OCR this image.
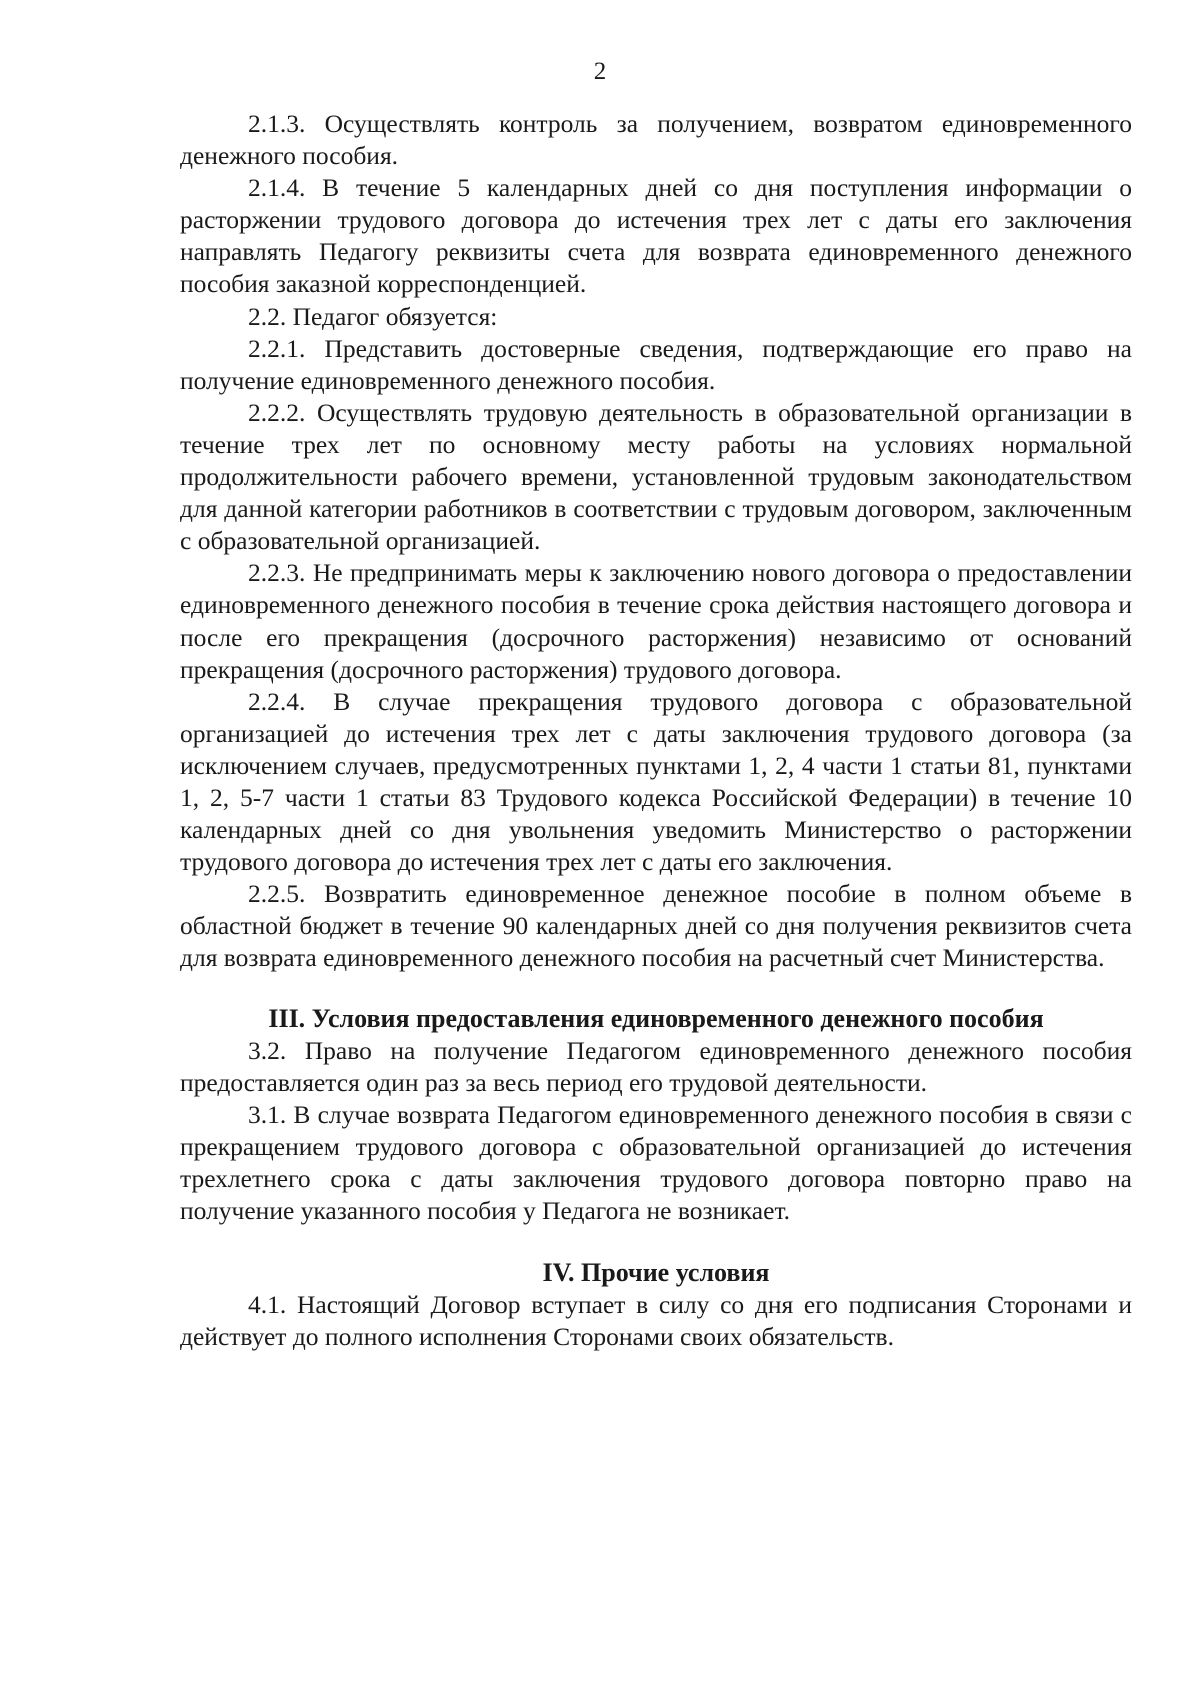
2

2.1.3. Осуществлять контроль за получением, возвратом единовременного денежного пособия.

2.1.4. В течение 5 календарных дней со дня поступления информации о расторжении трудового договора до истечения трех лет с даты его заключения направлять Педагогу реквизиты счета для возврата единовременного денежного пособия заказной корреспонденцией.

2.2. Педагог обязуется:

2.2.1. Представить достоверные сведения, подтверждающие его право на получение единовременного денежного пособия.

2.2.2. Осуществлять трудовую деятельность в образовательной организации в течение трех лет по основному месту работы на условиях нормальной продолжительности рабочего времени, установленной трудовым законодательством для данной категории работников в соответствии с трудовым договором, заключенным с образовательной организацией.

2.2.3. Не предпринимать меры к заключению нового договора о предоставлении единовременного денежного пособия в течение срока действия настоящего договора и после его прекращения (досрочного расторжения) независимо от оснований прекращения (досрочного расторжения) трудового договора.

2.2.4. В случае прекращения трудового договора с образовательной организацией до истечения трех лет с даты заключения трудового договора (за исключением случаев, предусмотренных пунктами 1, 2, 4 части 1 статьи 81, пунктами 1, 2, 5-7 части 1 статьи 83 Трудового кодекса Российской Федерации) в течение 10 календарных дней со дня увольнения уведомить Министерство о расторжении трудового договора до истечения трех лет с даты его заключения.

2.2.5. Возвратить единовременное денежное пособие в полном объеме в областной бюджет в течение 90 календарных дней со дня получения реквизитов счета для возврата единовременного денежного пособия на расчетный счет Министерства.

III. Условия предоставления единовременного денежного пособия

3.2. Право на получение Педагогом единовременного денежного пособия предоставляется один раз за весь период его трудовой деятельности.

3.1. В случае возврата Педагогом единовременного денежного пособия в связи с прекращением трудового договора с образовательной организацией до истечения трехлетнего срока с даты заключения трудового договора повторно право на получение указанного пособия у Педагога не возникает.

IV. Прочие условия

4.1. Настоящий Договор вступает в силу со дня его подписания Сторонами и действует до полного исполнения Сторонами своих обязательств.
